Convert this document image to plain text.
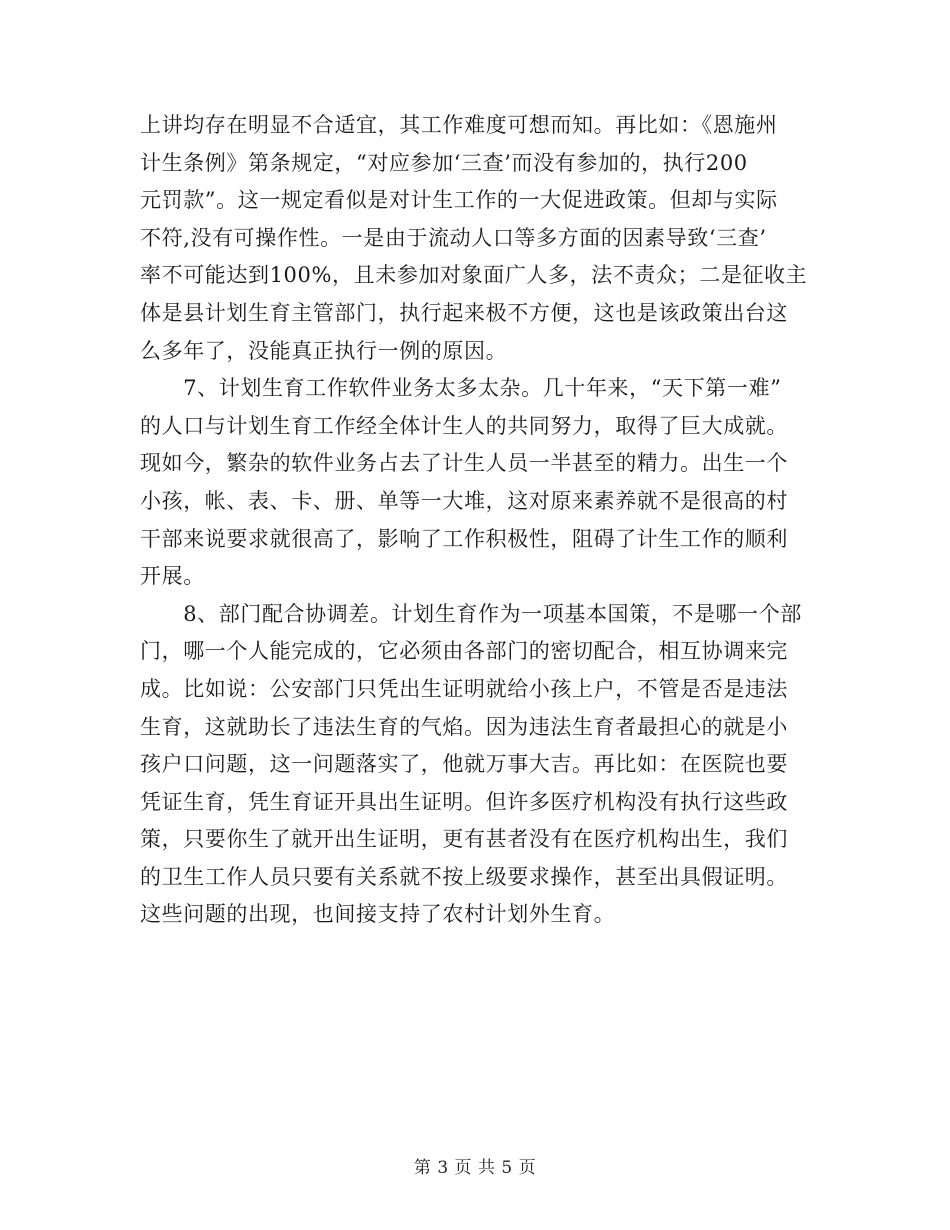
上讲均存在明显不合适宜，其工作难度可想而知。再比如：《恩施州
计生条例》第条规定，“对应参加‘三查’而没有参加的，执行200
元罚款”。这一规定看似是对计生工作的一大促进政策。但却与实际
不符,没有可操作性。一是由于流动人口等多方面的因素导致‘三查’
率不可能达到100%，且未参加对象面广人多，法不责众；二是征收主
体是县计划生育主管部门，执行起来极不方便，这也是该政策出台这
么多年了，没能真正执行一例的原因。
　　7、计划生育工作软件业务太多太杂。几十年来，“天下第一难”
的人口与计划生育工作经全体计生人的共同努力，取得了巨大成就。
现如今，繁杂的软件业务占去了计生人员一半甚至的精力。出生一个
小孩，帐、表、卡、册、单等一大堆，这对原来素养就不是很高的村
干部来说要求就很高了，影响了工作积极性，阻碍了计生工作的顺利
开展。
　　8、部门配合协调差。计划生育作为一项基本国策，不是哪一个部
门，哪一个人能完成的，它必须由各部门的密切配合，相互协调来完
成。比如说：公安部门只凭出生证明就给小孩上户，不管是否是违法
生育，这就助长了违法生育的气焰。因为违法生育者最担心的就是小
孩户口问题，这一问题落实了，他就万事大吉。再比如：在医院也要
凭证生育，凭生育证开具出生证明。但许多医疗机构没有执行这些政
策，只要你生了就开出生证明，更有甚者没有在医疗机构出生，我们
的卫生工作人员只要有关系就不按上级要求操作，甚至出具假证明。
这些问题的出现，也间接支持了农村计划外生育。
第 3 页 共 5 页
